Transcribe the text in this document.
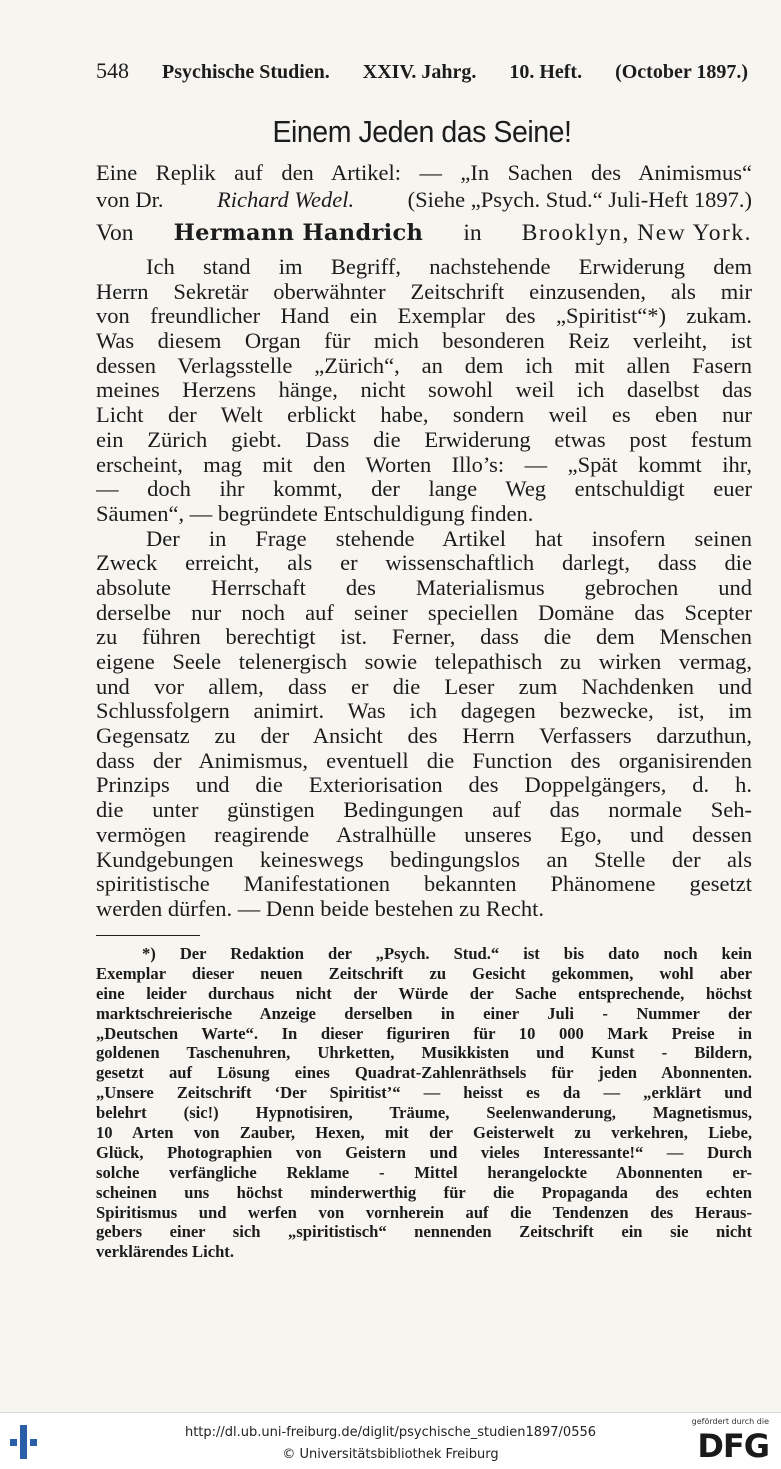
548 Psychische Studien. XXIV. Jahrg. 10. Heft. (October 1897.)
Einem Jeden das Seine!
Eine Replik auf den Artikel: — „In Sachen des Animismus“
von Dr. Richard Wedel. (Siehe „Psych. Stud.“ Juli-Heft 1897.)
Von Hermann Handrich in Brooklyn, New York.
Ich stand im Begriff, nachstehende Erwiderung dem
Herrn Sekretär oberwähnter Zeitschrift einzusenden, als mir
von freundlicher Hand ein Exemplar des „Spiritist“*) zukam.
Was diesem Organ für mich besonderen Reiz verleiht, ist
dessen Verlagsstelle „Zürich“, an dem ich mit allen Fasern
meines Herzens hänge, nicht sowohl weil ich daselbst das
Licht der Welt erblickt habe, sondern weil es eben nur
ein Zürich giebt. Dass die Erwiderung etwas post festum
erscheint, mag mit den Worten Illo’s: — „Spät kommt ihr,
— doch ihr kommt, der lange Weg entschuldigt euer
Säumen“, — begründete Entschuldigung finden.
Der in Frage stehende Artikel hat insofern seinen
Zweck erreicht, als er wissenschaftlich darlegt, dass die
absolute Herrschaft des Materialismus gebrochen und
derselbe nur noch auf seiner speciellen Domäne das Scepter
zu führen berechtigt ist. Ferner, dass die dem Menschen
eigene Seele telenergisch sowie telepathisch zu wirken vermag,
und vor allem, dass er die Leser zum Nachdenken und
Schlussfolgern animirt. Was ich dagegen bezwecke, ist, im
Gegensatz zu der Ansicht des Herrn Verfassers darzuthun,
dass der Animismus, eventuell die Function des organisirenden
Prinzips und die Exteriorisation des Doppelgängers, d. h.
die unter günstigen Bedingungen auf das normale Seh-
vermögen reagirende Astralhülle unseres Ego, und dessen
Kundgebungen keineswegs bedingungslos an Stelle der als
spiritistische Manifestationen bekannten Phänomene gesetzt
werden dürfen. — Denn beide bestehen zu Recht.
*) Der Redaktion der „Psych. Stud.“ ist bis dato noch kein
Exemplar dieser neuen Zeitschrift zu Gesicht gekommen, wohl aber
eine leider durchaus nicht der Würde der Sache entsprechende, höchst
marktschreierische Anzeige derselben in einer Juli - Nummer der
„Deutschen Warte“. In dieser figuriren für 10 000 Mark Preise in
goldenen Taschenuhren, Uhrketten, Musikkisten und Kunst - Bildern,
gesetzt auf Lösung eines Quadrat-Zahlenräthsels für jeden Abonnenten.
„Unsere Zeitschrift ‘Der Spiritist’“ — heisst es da — „erklärt und
belehrt (sic!) Hypnotisiren, Träume, Seelenwanderung, Magnetismus,
10 Arten von Zauber, Hexen, mit der Geisterwelt zu verkehren, Liebe,
Glück, Photographien von Geistern und vieles Interessante!“ — Durch
solche verfängliche Reklame - Mittel herangelockte Abonnenten er-
scheinen uns höchst minderwerthig für die Propaganda des echten
Spiritismus und werfen von vornherein auf die Tendenzen des Heraus-
gebers einer sich „spiritistisch“ nennenden Zeitschrift ein sie nicht
verklärendes Licht.
http://dl.ub.uni-freiburg.de/diglit/psychische_studien1897/0556
© Universitätsbibliothek Freiburg
gefördert durch die
DFG
